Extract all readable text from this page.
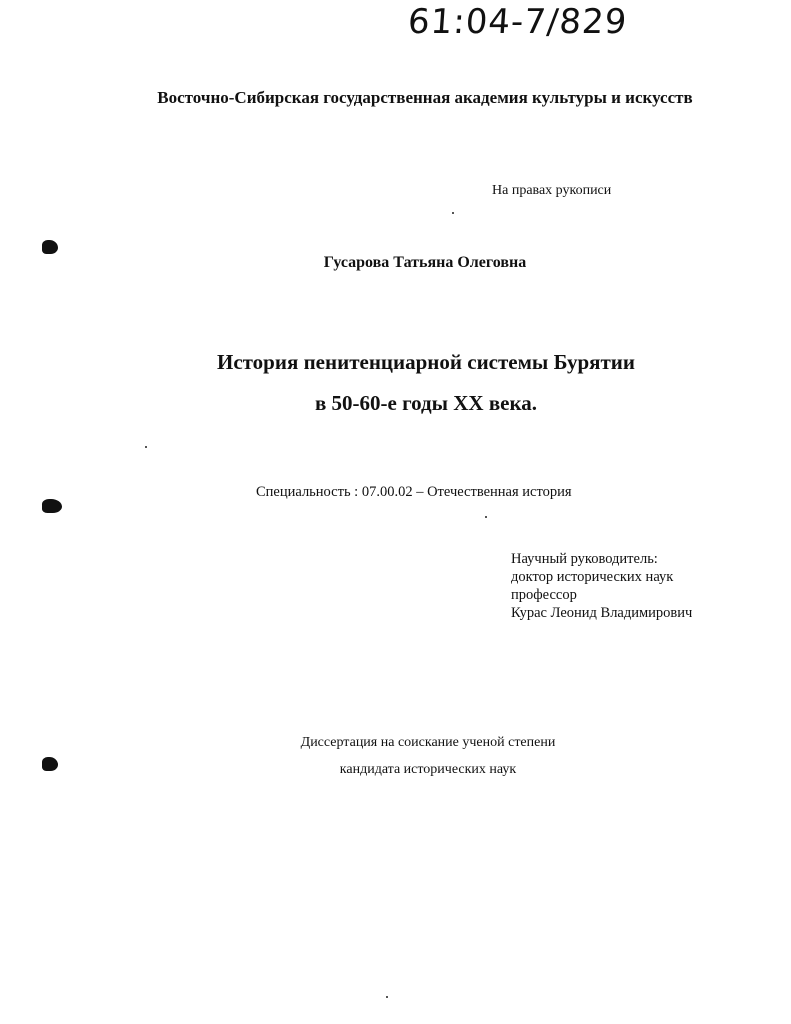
61:04-7/829
Восточно-Сибирская государственная академия культуры и искусств
На правах рукописи
Гусарова Татьяна Олеговна
История пенитенциарной системы Бурятии
в 50-60-е годы XX века.
Специальность : 07.00.02 – Отечественная история
Научный руководитель:
доктор исторических наук
профессор
Курас Леонид Владимирович
Диссертация на соискание ученой степени
кандидата исторических наук
